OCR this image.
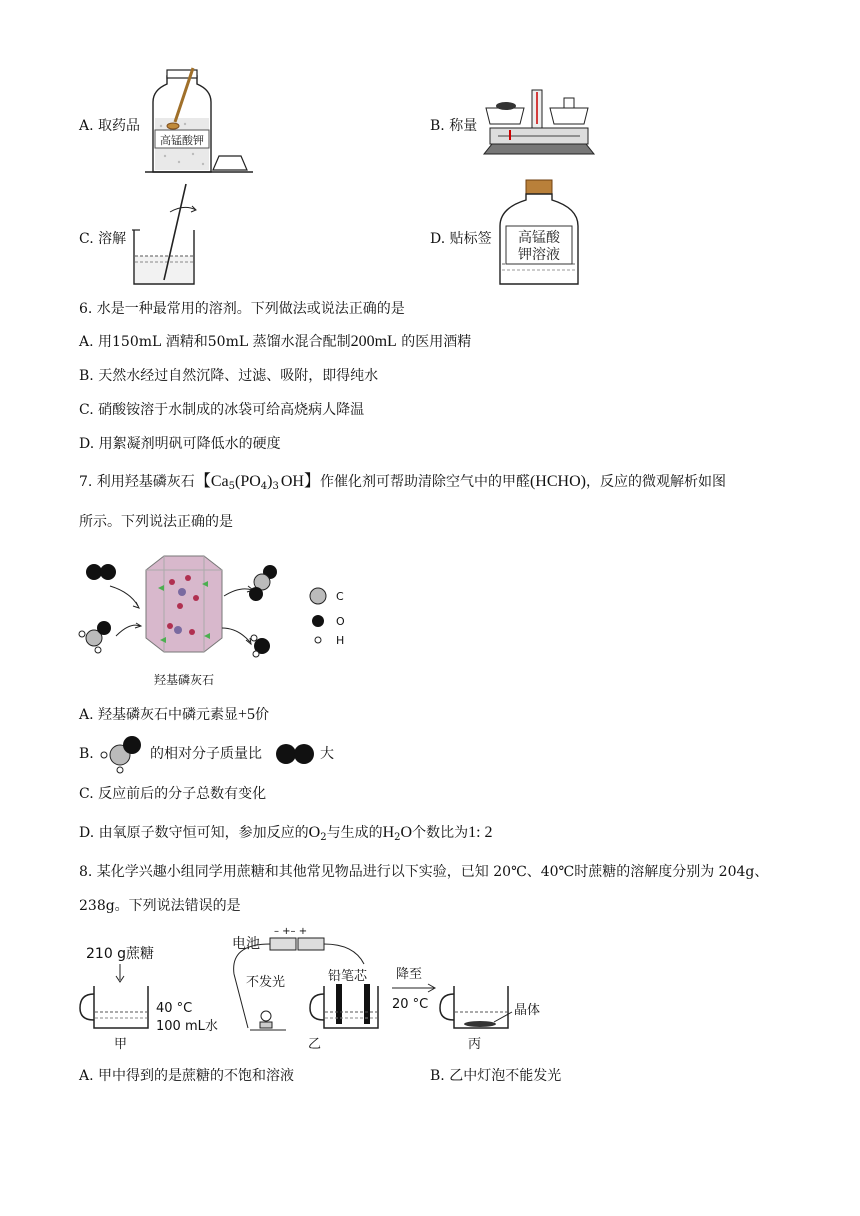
A. 取药品
高锰酸钾
B. 称量
C. 溶解	D. 贴标签 高锰酸
钾溶液
6. 水是一种最常用的溶剂。下列做法或说法正确的是
A. 用150mL 酒精和50mL 蒸馏水混合配制200mL 的医用酒精
B. 天然水经过自然沉降、过滤、吸附，即得纯水
C. 硝酸铵溶于水制成的冰袋可给高烧病人降温
D. 用絮凝剂明矾可降低水的硬度
7. 利用羟基磷灰石【$Ca_5(PO_4)_3$ OH】作催化剂可帮助清除空气中的甲醛(HCHO)，反应的微观解析如图
所示。下列说法正确的是
C
O
H
羟基磷灰石
A. 羟基磷灰石中磷元素显+5价
B.	的相对分子质量比	大
C. 反应前后的分子总数有变化
D. 由氧原子数守恒可知，参加反应的$O_2$与生成的$H_2O$个数比为1: 2
8. 某化学兴趣小组同学用蔗糖和其他常见物品进行以下实验，已知 20℃、40℃时蔗糖的溶解度分别为 204g、
238g。下列说法错误的是
210 g蔗糖
40 °C
100 mL水
甲
电池
– +– +
不发光	铅笔芯
乙
降至
20 °C	晶体
丙
A. 甲中得到的是蔗糖的不饱和溶液	B. 乙中灯泡不能发光
